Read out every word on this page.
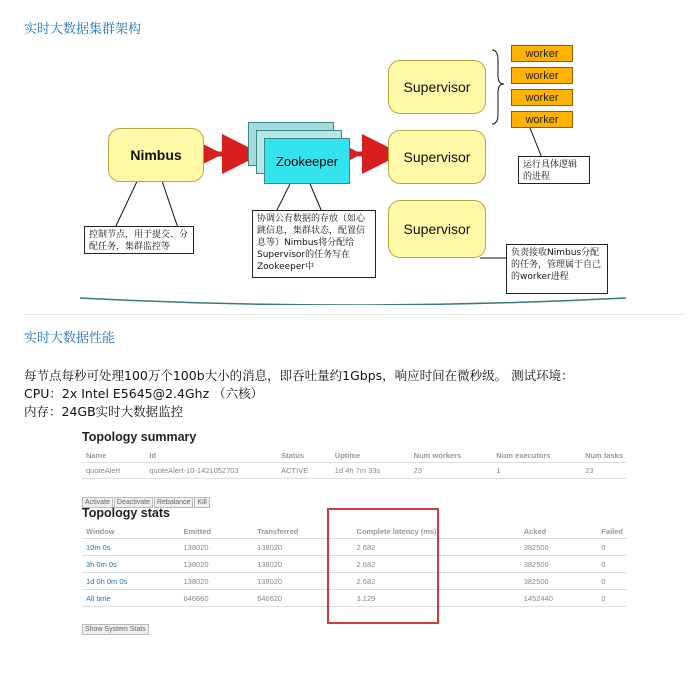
实时大数据集群架构
Nimbus	Zookeeper
Supervisor
Supervisor
Supervisor
worker
worker
worker
worker
控制节点，用于提交、分配任务，集群监控等
协调公有数据的存放（如心跳信息，集群状态，配置信息等）Nimbus将分配给Supervisor的任务写在Zookeeper中
运行具体逻辑的进程
负责接收Nimbus分配的任务，管理属于自己的worker进程
实时大数据性能
每节点每秒可处理100万个100b大小的消息，即吞吐量约1Gbps，响应时间在微秒级。 测试环境：
CPU：2x Intel E5645@2.4Ghz （六核）
内存：24GB实时大数据监控
Topology summary
Name	Id	Status	Uptime	Num workers	Num executors	Num tasks
quoteAlert	quoteAlert-10-1421052703	ACTIVE	1d 4h 7m 33s	23	1	23
Activate Deactivate Rebalance Kill
Topology stats
Window	Emitted	Transferred	Complete latency (ms)	Acked	Failed
10m 0s	138020	138020	2.682	382500	0
3h 0m 0s	138020	138020	2.682	382500	0
1d 0h 0m 0s	138020	138020	2.682	382500	0
All time	646660	646620	3.129	1452440	0
Show System Stats
